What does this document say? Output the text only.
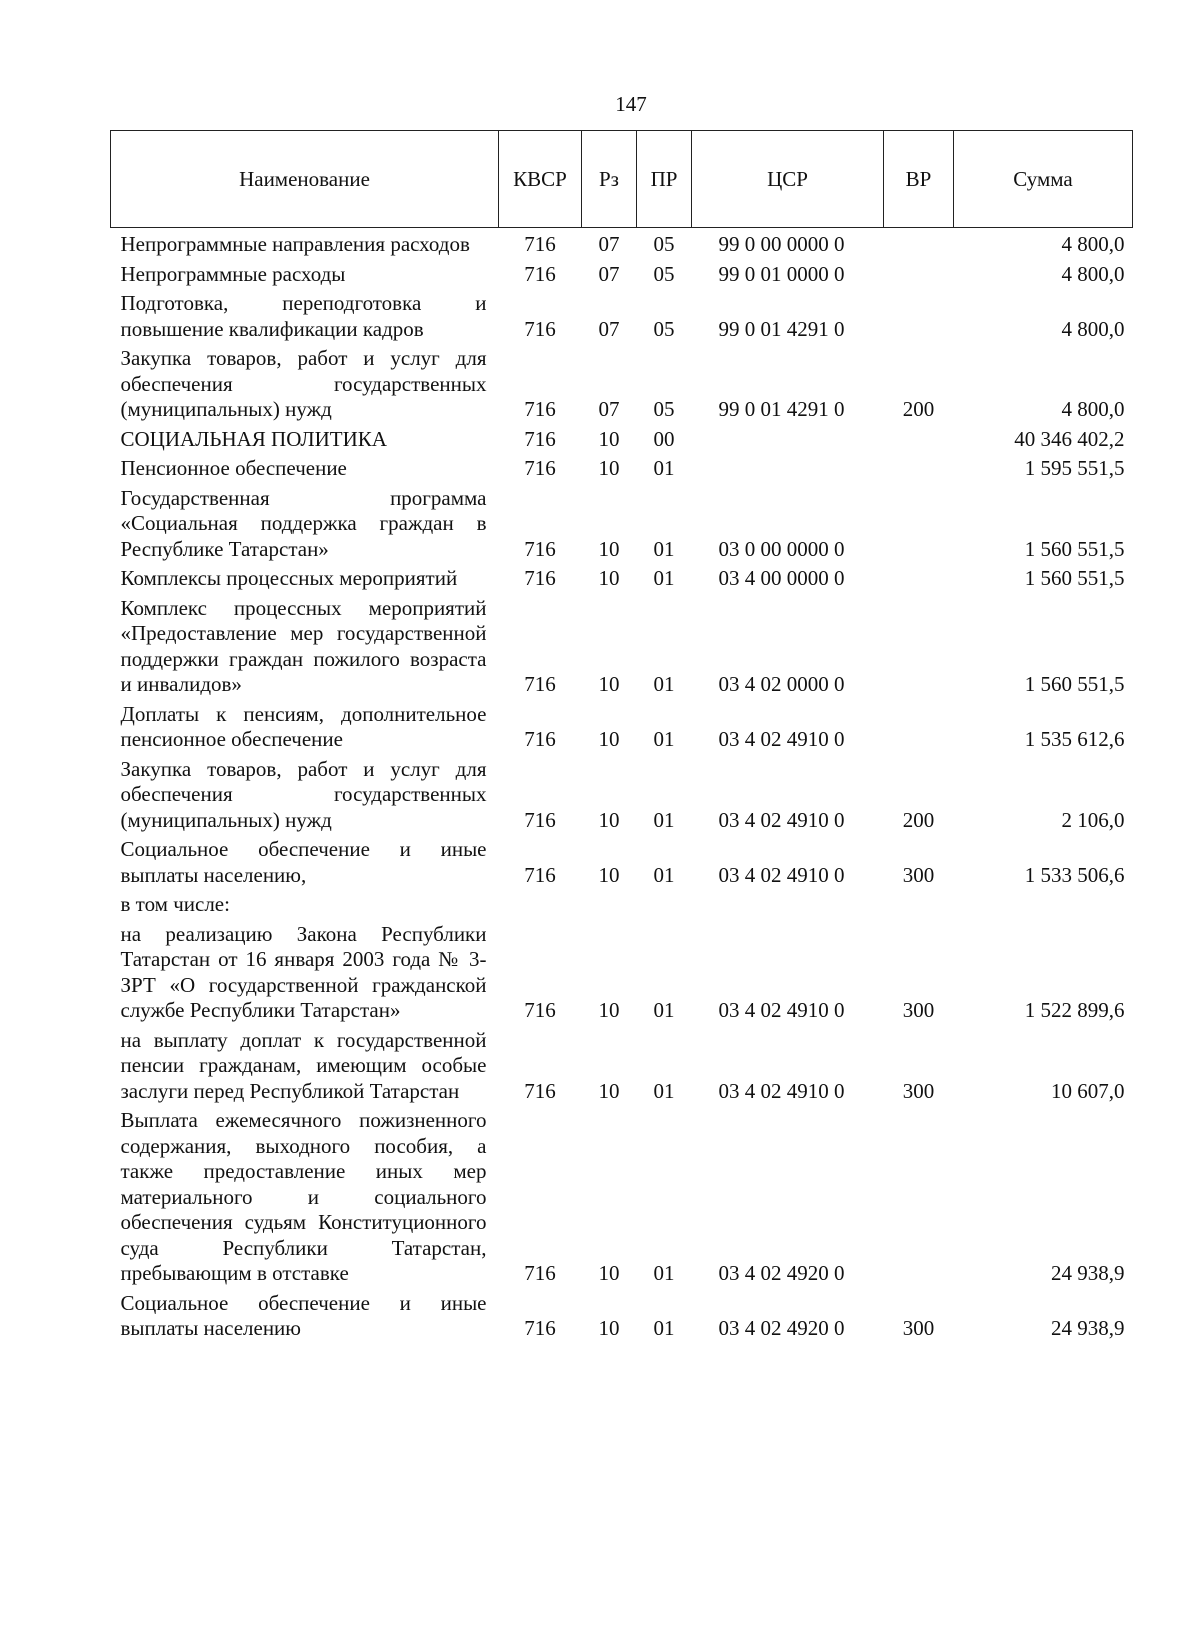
147
Наименование	КВСР	Рз	ПР	ЦСР	ВР	Сумма
Непрограммные направления расходов	716	07	05	99 0 00 0000 0		4 800,0
Непрограммные расходы	716	07	05	99 0 01 0000 0		4 800,0
Подготовка, переподготовка и повышение квалификации кадров	716	07	05	99 0 01 4291 0		4 800,0
Закупка товаров, работ и услуг для обеспечения государственных (муниципальных) нужд	716	07	05	99 0 01 4291 0	200	4 800,0
СОЦИАЛЬНАЯ ПОЛИТИКА	716	10	00			40 346 402,2
Пенсионное обеспечение	716	10	01			1 595 551,5
Государственная программа «Социальная поддержка граждан в Республике Татарстан»	716	10	01	03 0 00 0000 0		1 560 551,5
Комплексы процессных мероприятий	716	10	01	03 4 00 0000 0		1 560 551,5
Комплекс процессных мероприятий «Предоставление мер государственной поддержки граждан пожилого возраста и инвалидов»	716	10	01	03 4 02 0000 0		1 560 551,5
Доплаты к пенсиям, дополнительное пенсионное обеспечение	716	10	01	03 4 02 4910 0		1 535 612,6
Закупка товаров, работ и услуг для обеспечения государственных (муниципальных) нужд	716	10	01	03 4 02 4910 0	200	2 106,0
Социальное обеспечение и иные выплаты населению,	716	10	01	03 4 02 4910 0	300	1 533 506,6
в том числе:						
на реализацию Закона Республики Татарстан от 16 января 2003 года № 3-ЗРТ «О государственной гражданской службе Республики Татарстан»	716	10	01	03 4 02 4910 0	300	1 522 899,6
на выплату доплат к государственной пенсии гражданам, имеющим особые заслуги перед Республикой Татарстан	716	10	01	03 4 02 4910 0	300	10 607,0
Выплата ежемесячного пожизненного содержания, выходного пособия, а также предоставление иных мер материального и социального обеспечения судьям Конституционного суда Республики Татарстан, пребывающим в отставке	716	10	01	03 4 02 4920 0		24 938,9
Социальное обеспечение и иные выплаты населению	716	10	01	03 4 02 4920 0	300	24 938,9
